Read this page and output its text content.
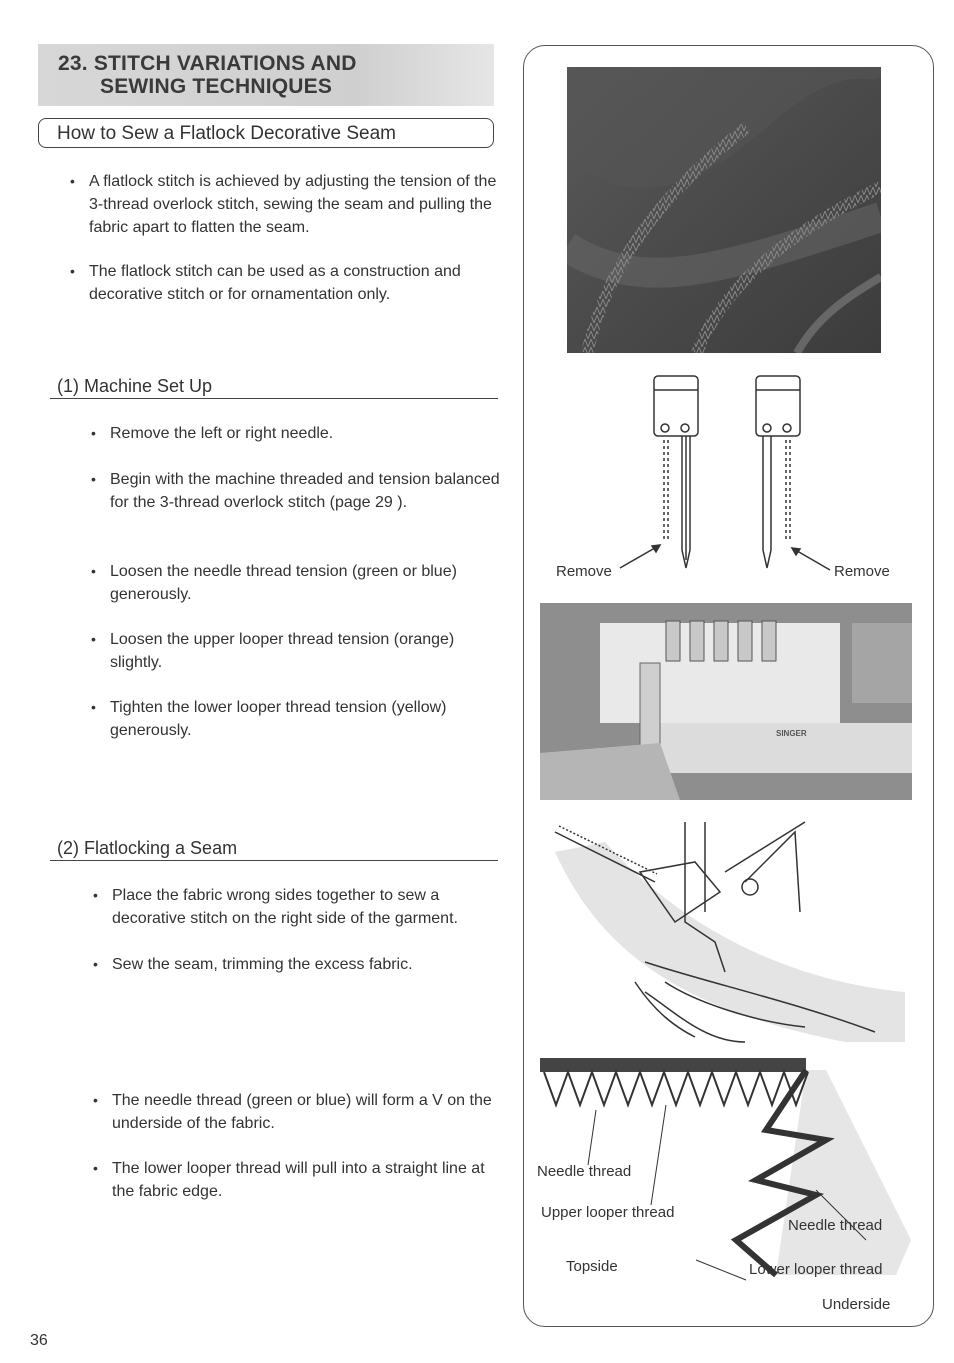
23. STITCH VARIATIONS AND
SEWING TECHNIQUES
How to Sew a Flatlock Decorative Seam
• A flatlock stitch is achieved by adjusting the tension of the 3-thread overlock stitch, sewing the seam and pulling the fabric apart to flatten the seam.
• The flatlock stitch can be used as a construction and decorative stitch or for ornamentation only.
(1) Machine Set Up
• Remove the left or right needle.
• Begin with the machine threaded and tension balanced for the 3-thread overlock stitch (page 29 ).
• Loosen the needle thread tension (green or blue) generously.
• Loosen the upper looper thread tension (orange) slightly.
• Tighten the lower looper thread tension (yellow) generously.
(2) Flatlocking a Seam
• Place the fabric wrong sides together to sew a decorative stitch on the right side of the garment.
• Sew the seam, trimming the excess fabric.
• The needle thread (green or blue) will form a V on the underside of the fabric.
• The lower looper thread will pull into a straight line at the fabric edge.
Remove	Remove
SINGER
Needle thread
Upper looper thread
Needle thread
Topside	Lower looper thread
Underside
36
